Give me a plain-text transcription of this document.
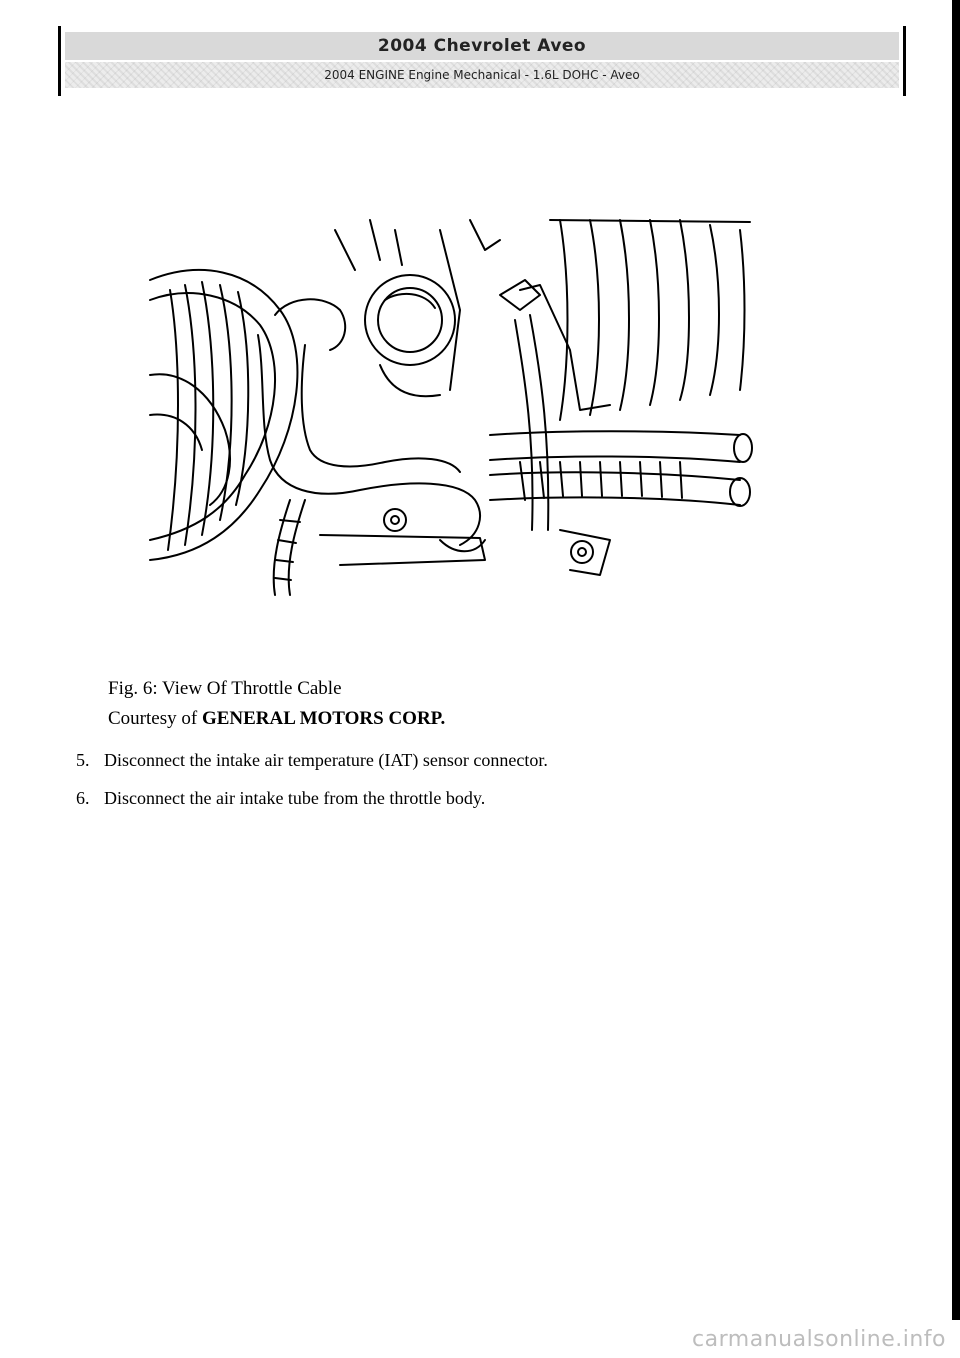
2004 Chevrolet Aveo
2004 ENGINE Engine Mechanical - 1.6L DOHC - Aveo
Fig. 6: View Of Throttle Cable
Courtesy of GENERAL MOTORS CORP.
5. Disconnect the intake air temperature (IAT) sensor connector.
6. Disconnect the air intake tube from the throttle body.
carmanualsonline.info
